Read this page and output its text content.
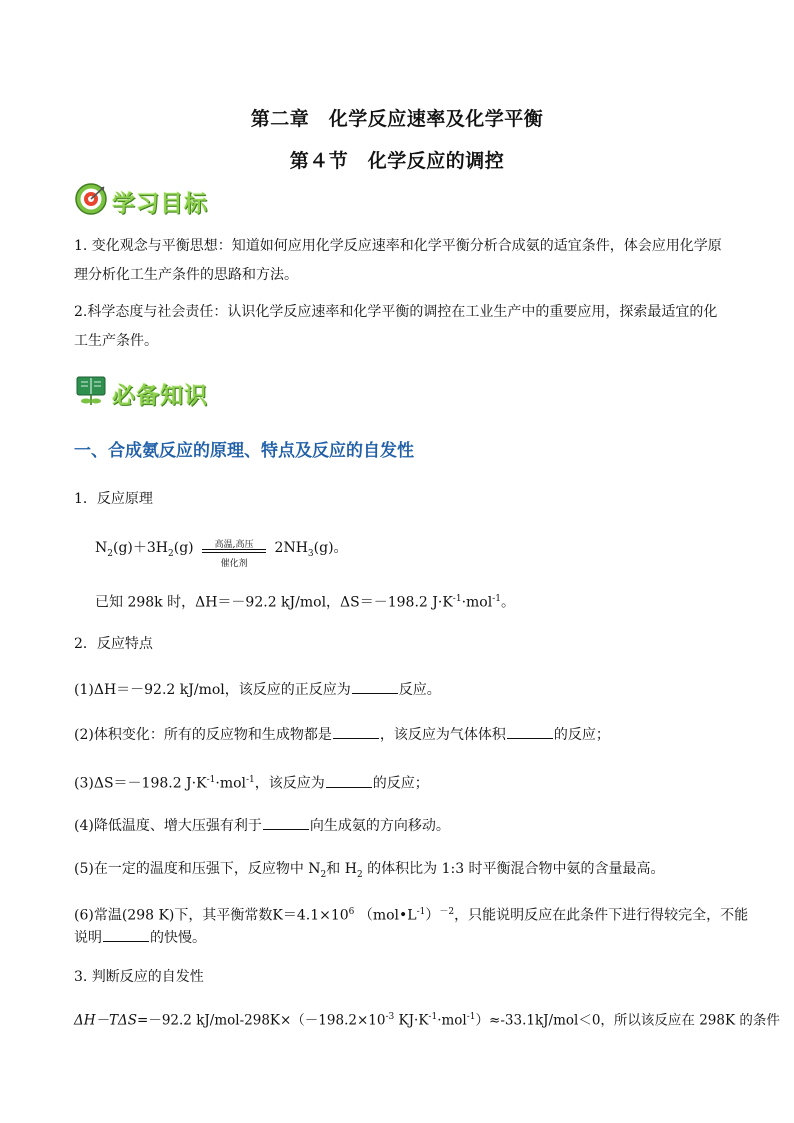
第二章　化学反应速率及化学平衡
第４节　化学反应的调控
学习目标
1. 变化观念与平衡思想：知道如何应用化学反应速率和化学平衡分析合成氨的适宜条件，体会应用化学原理分析化工生产条件的思路和方法。
2.科学态度与社会责任：认识化学反应速率和化学平衡的调控在工业生产中的重要应用，探索最适宜的化工生产条件。
必备知识
一、合成氨反应的原理、特点及反应的自发性
1．反应原理
$N_2(g)+3H_2(g)$	高温,高压
催化剂
$2NH_3(g)$。
已知 298k 时，ΔH＝－92.2 kJ/mol，ΔS＝－198.2 $J\cdot K^{-1}\cdot mol^{-1}$。
2．反应特点
(1)ΔH＝－92.2 kJ/mol，该反应的正反应为	反应。
(2)体积变化：所有的反应物和生成物都是	，该反应为气体体积	的反应；
(3)ΔS＝－198.2 $J\cdot K^{-1}\cdot mol^{-1}$，该反应为	的反应；
(4)降低温度、增大压强有利于	向生成氨的方向移动。
(5)在一定的温度和压强下，反应物中 $N_2$和 $H_2$ 的体积比为 1:3 时平衡混合物中氨的含量最高。
(6)常温(298 K)下，其平衡常数$K=4.1\times 10^6$ $(mol•L^{-1})^{-2}$，只能说明反应在此条件下进行得较完全，不能
说明	的快慢。
3. 判断反应的自发性
ΔH－TΔS=－92.2 $kJ/mol-298K\times(-198.2\times 10^{-3}$ $KJ\cdot K^{-1}\cdot mol^{-1})\approx-33.1kJ/mol<0$，所以该反应在 298K 的条件
